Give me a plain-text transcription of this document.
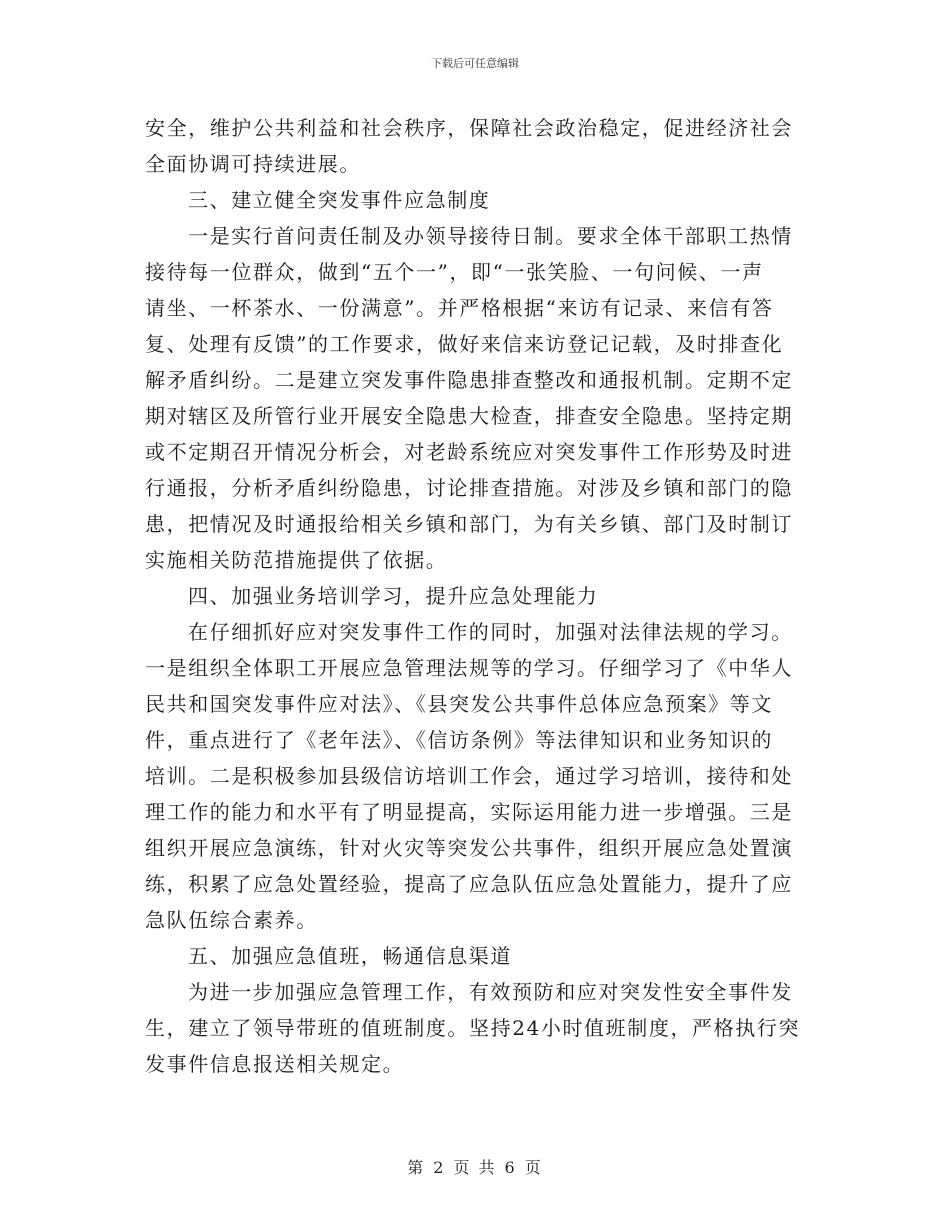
下载后可任意编辑
安全，维护公共利益和社会秩序，保障社会政治稳定，促进经济社会
全面协调可持续进展。
三、建立健全突发事件应急制度
一是实行首问责任制及办领导接待日制。要求全体干部职工热情
接待每一位群众，做到“五个一”，即“一张笑脸、一句问候、一声
请坐、一杯茶水、一份满意”。并严格根据“来访有记录、来信有答
复、处理有反馈”的工作要求，做好来信来访登记记载，及时排查化
解矛盾纠纷。二是建立突发事件隐患排查整改和通报机制。定期不定
期对辖区及所管行业开展安全隐患大检查，排查安全隐患。坚持定期
或不定期召开情况分析会，对老龄系统应对突发事件工作形势及时进
行通报，分析矛盾纠纷隐患，讨论排查措施。对涉及乡镇和部门的隐
患，把情况及时通报给相关乡镇和部门，为有关乡镇、部门及时制订
实施相关防范措施提供了依据。
四、加强业务培训学习，提升应急处理能力
在仔细抓好应对突发事件工作的同时，加强对法律法规的学习。
一是组织全体职工开展应急管理法规等的学习。仔细学习了《中华人
民共和国突发事件应对法》、《县突发公共事件总体应急预案》等文
件，重点进行了《老年法》、《信访条例》等法律知识和业务知识的
培训。二是积极参加县级信访培训工作会，通过学习培训，接待和处
理工作的能力和水平有了明显提高，实际运用能力进一步增强。三是
组织开展应急演练，针对火灾等突发公共事件，组织开展应急处置演
练，积累了应急处置经验，提高了应急队伍应急处置能力，提升了应
急队伍综合素养。
五、加强应急值班，畅通信息渠道
为进一步加强应急管理工作，有效预防和应对突发性安全事件发
生，建立了领导带班的值班制度。坚持24小时值班制度，严格执行突
发事件信息报送相关规定。
第 2 页 共 6 页
